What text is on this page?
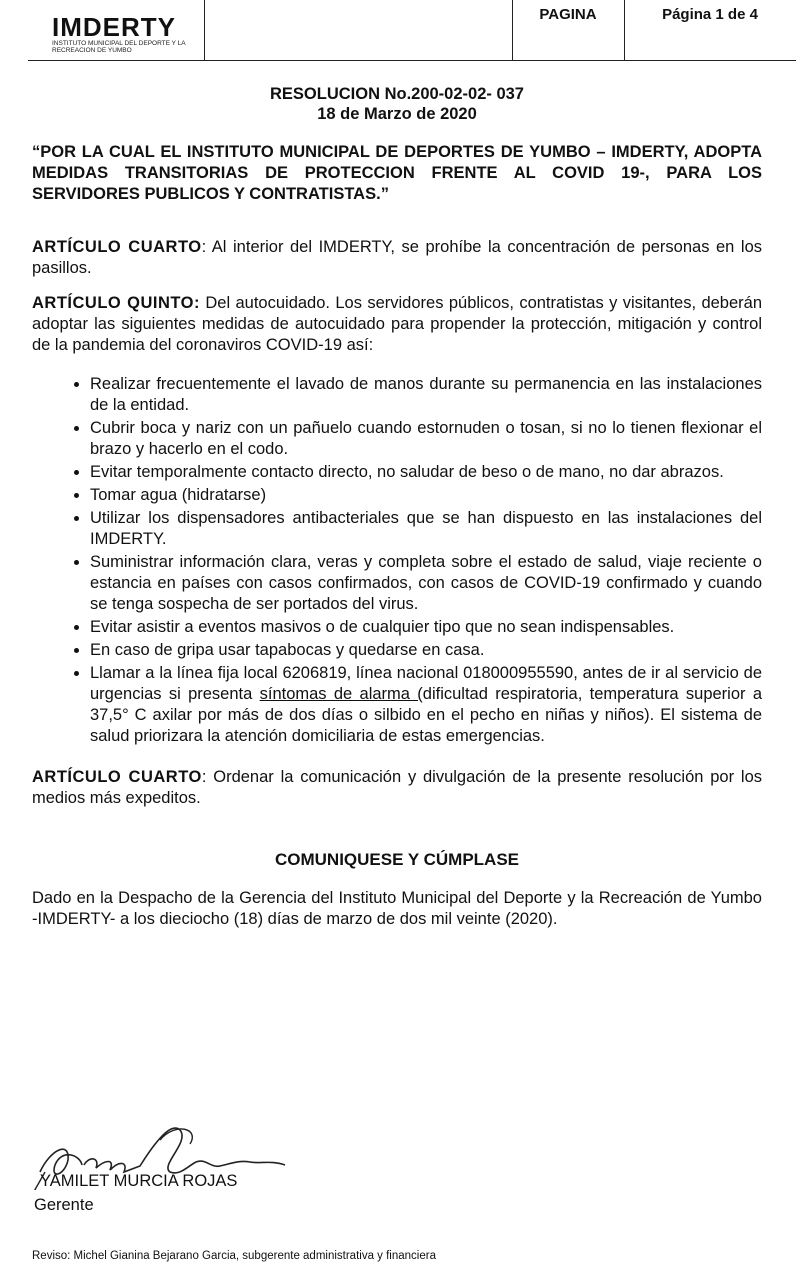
IMDERTY
INSTITUTO MUNICIPAL DEL DEPORTE Y LA RECREACION DE YUMBO
PAGINA	Página 1 de 4

RESOLUCION No.200-02-02- 037

18 de Marzo de 2020

“POR LA CUAL EL INSTITUTO MUNICIPAL DE DEPORTES DE YUMBO – IMDERTY, ADOPTA MEDIDAS TRANSITORIAS DE PROTECCION FRENTE AL COVID 19-, PARA LOS SERVIDORES PUBLICOS Y CONTRATISTAS.”

ARTÍCULO CUARTO: Al interior del IMDERTY, se prohíbe la concentración de personas en los pasillos.

ARTÍCULO QUINTO: Del autocuidado. Los servidores públicos, contratistas y visitantes, deberán adoptar las siguientes medidas de autocuidado para propender la protección, mitigación y control de la pandemia del coronaviros COVID-19 así:

• Realizar frecuentemente el lavado de manos durante su permanencia en las instalaciones de la entidad.
• Cubrir boca y nariz con un pañuelo cuando estornuden o tosan, si no lo tienen flexionar el brazo y hacerlo en el codo.
• Evitar temporalmente contacto directo, no saludar de beso o de mano, no dar abrazos.
• Tomar agua (hidratarse)
• Utilizar los dispensadores antibacteriales que se han dispuesto en las instalaciones del IMDERTY.
• Suministrar información clara, veras y completa sobre el estado de salud, viaje reciente o estancia en países con casos confirmados, con casos de COVID-19 confirmado y cuando se tenga sospecha de ser portados del virus.
• Evitar asistir a eventos masivos o de cualquier tipo que no sean indispensables.
• En caso de gripa usar tapabocas y quedarse en casa.
• Llamar a la línea fija local 6206819, línea nacional 018000955590, antes de ir al servicio de urgencias si presenta síntomas de alarma (dificultad respiratoria, temperatura superior a 37,5° C axilar por más de dos días o silbido en el pecho en niñas y niños). El sistema de salud priorizara la atención domiciliaria de estas emergencias.

ARTÍCULO CUARTO: Ordenar la comunicación y divulgación de la presente resolución por los medios más expeditos.

COMUNIQUESE Y CÚMPLASE

Dado en la Despacho de la Gerencia del Instituto Municipal del Deporte y la Recreación de Yumbo -IMDERTY- a los dieciocho (18) días de marzo de dos mil veinte (2020).

YAMILET MURCIA ROJAS
Gerente
Reviso: Michel Gianina Bejarano Garcia, subgerente administrativa y financiera
